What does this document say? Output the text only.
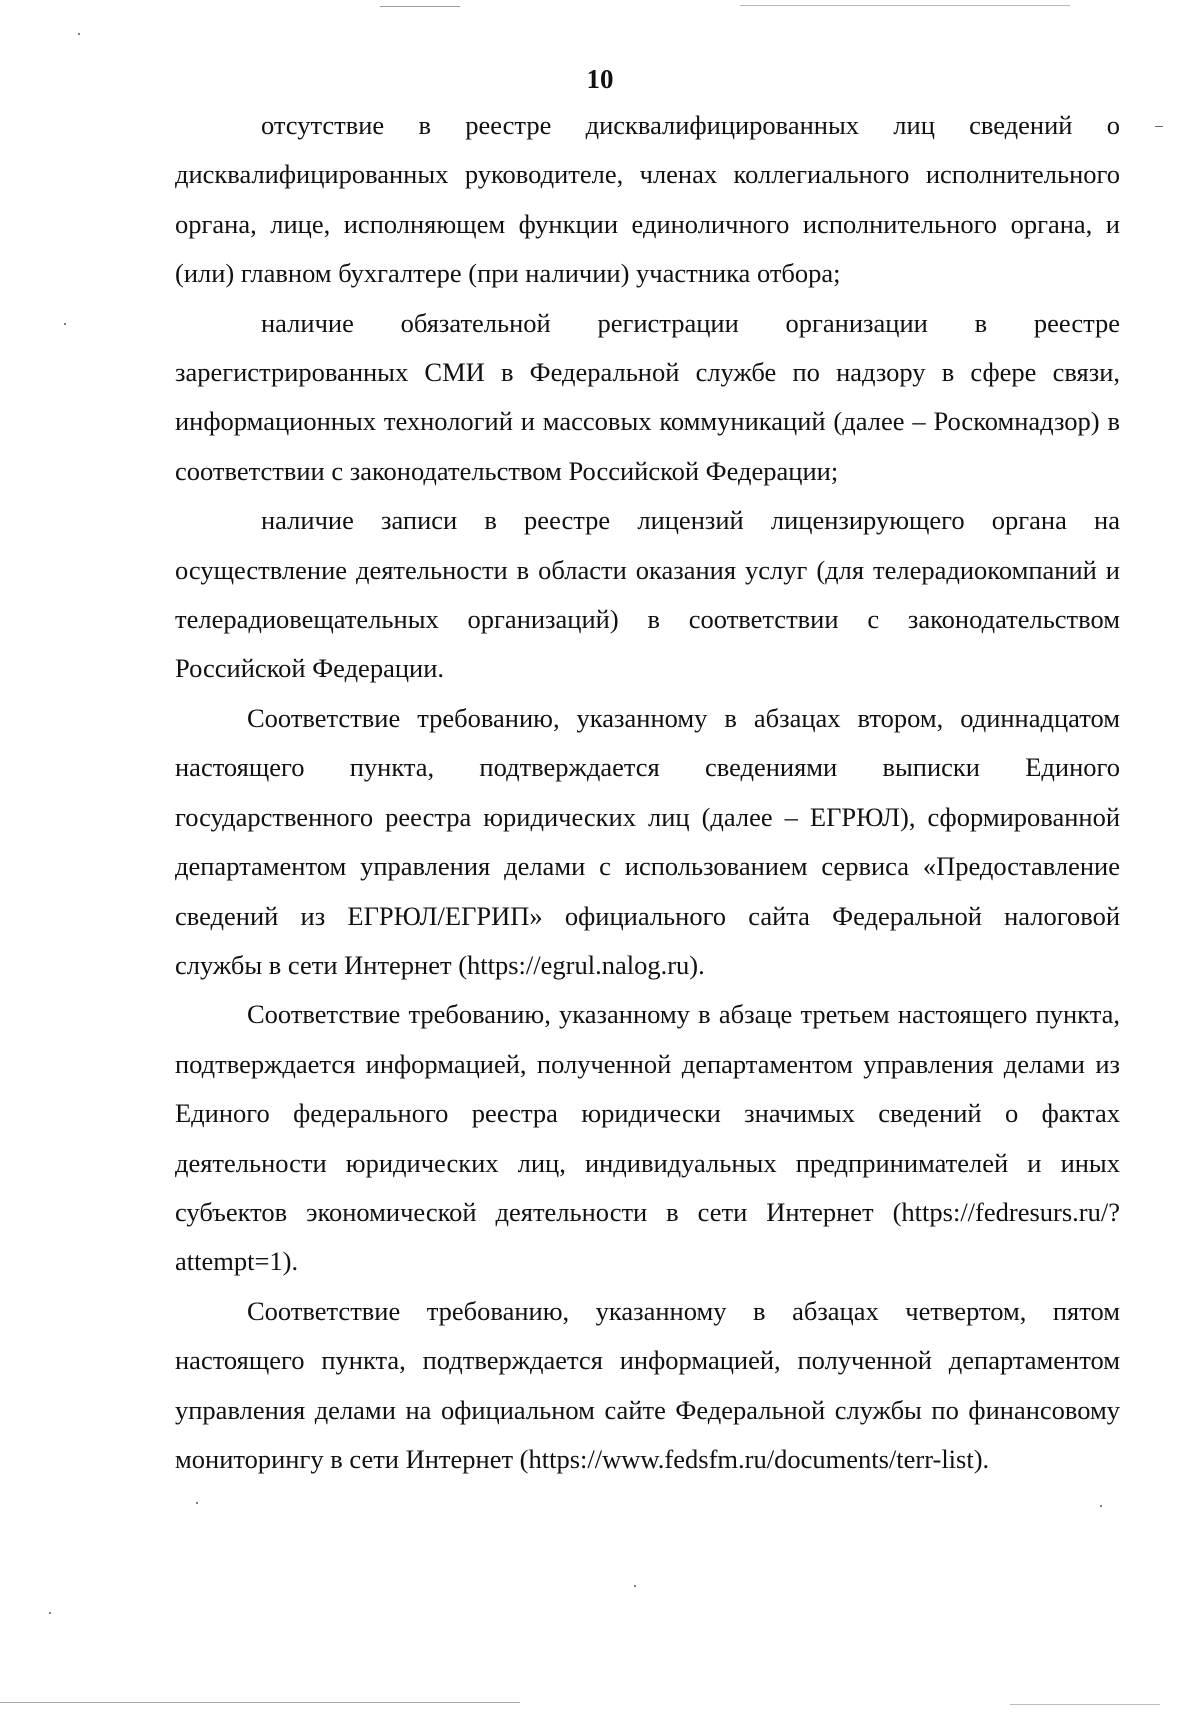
10

отсутствие в реестре дисквалифицированных лиц сведений о дисквалифицированных руководителе, членах коллегиального исполнительного органа, лице, исполняющем функции единоличного исполнительного органа, и (или) главном бухгалтере (при наличии) участника отбора;

наличие обязательной регистрации организации в реестре зарегистрированных СМИ в Федеральной службе по надзору в сфере связи, информационных технологий и массовых коммуникаций (далее – Роскомнадзор) в соответствии с законодательством Российской Федерации;

наличие записи в реестре лицензий лицензирующего органа на осуществление деятельности в области оказания услуг (для телерадиокомпаний и телерадиовещательных организаций) в соответствии с законодательством Российской Федерации.

Соответствие требованию, указанному в абзацах втором, одиннадцатом настоящего пункта, подтверждается сведениями выписки Единого государственного реестра юридических лиц (далее – ЕГРЮЛ), сформированной департаментом управления делами с использованием сервиса «Предоставление сведений из ЕГРЮЛ/ЕГРИП» официального сайта Федеральной налоговой службы в сети Интернет (https://egrul.nalog.ru).

Соответствие требованию, указанному в абзаце третьем настоящего пункта, подтверждается информацией, полученной департаментом управления делами из Единого федерального реестра юридически значимых сведений о фактах деятельности юридических лиц, индивидуальных предпринимателей и иных субъектов экономической деятельности в сети Интернет (https://fedresurs.ru/?attempt=1).

Соответствие требованию, указанному в абзацах четвертом, пятом настоящего пункта, подтверждается информацией, полученной департаментом управления делами на официальном сайте Федеральной службы по финансовому мониторингу в сети Интернет (https://www.fedsfm.ru/documents/terr-list).
